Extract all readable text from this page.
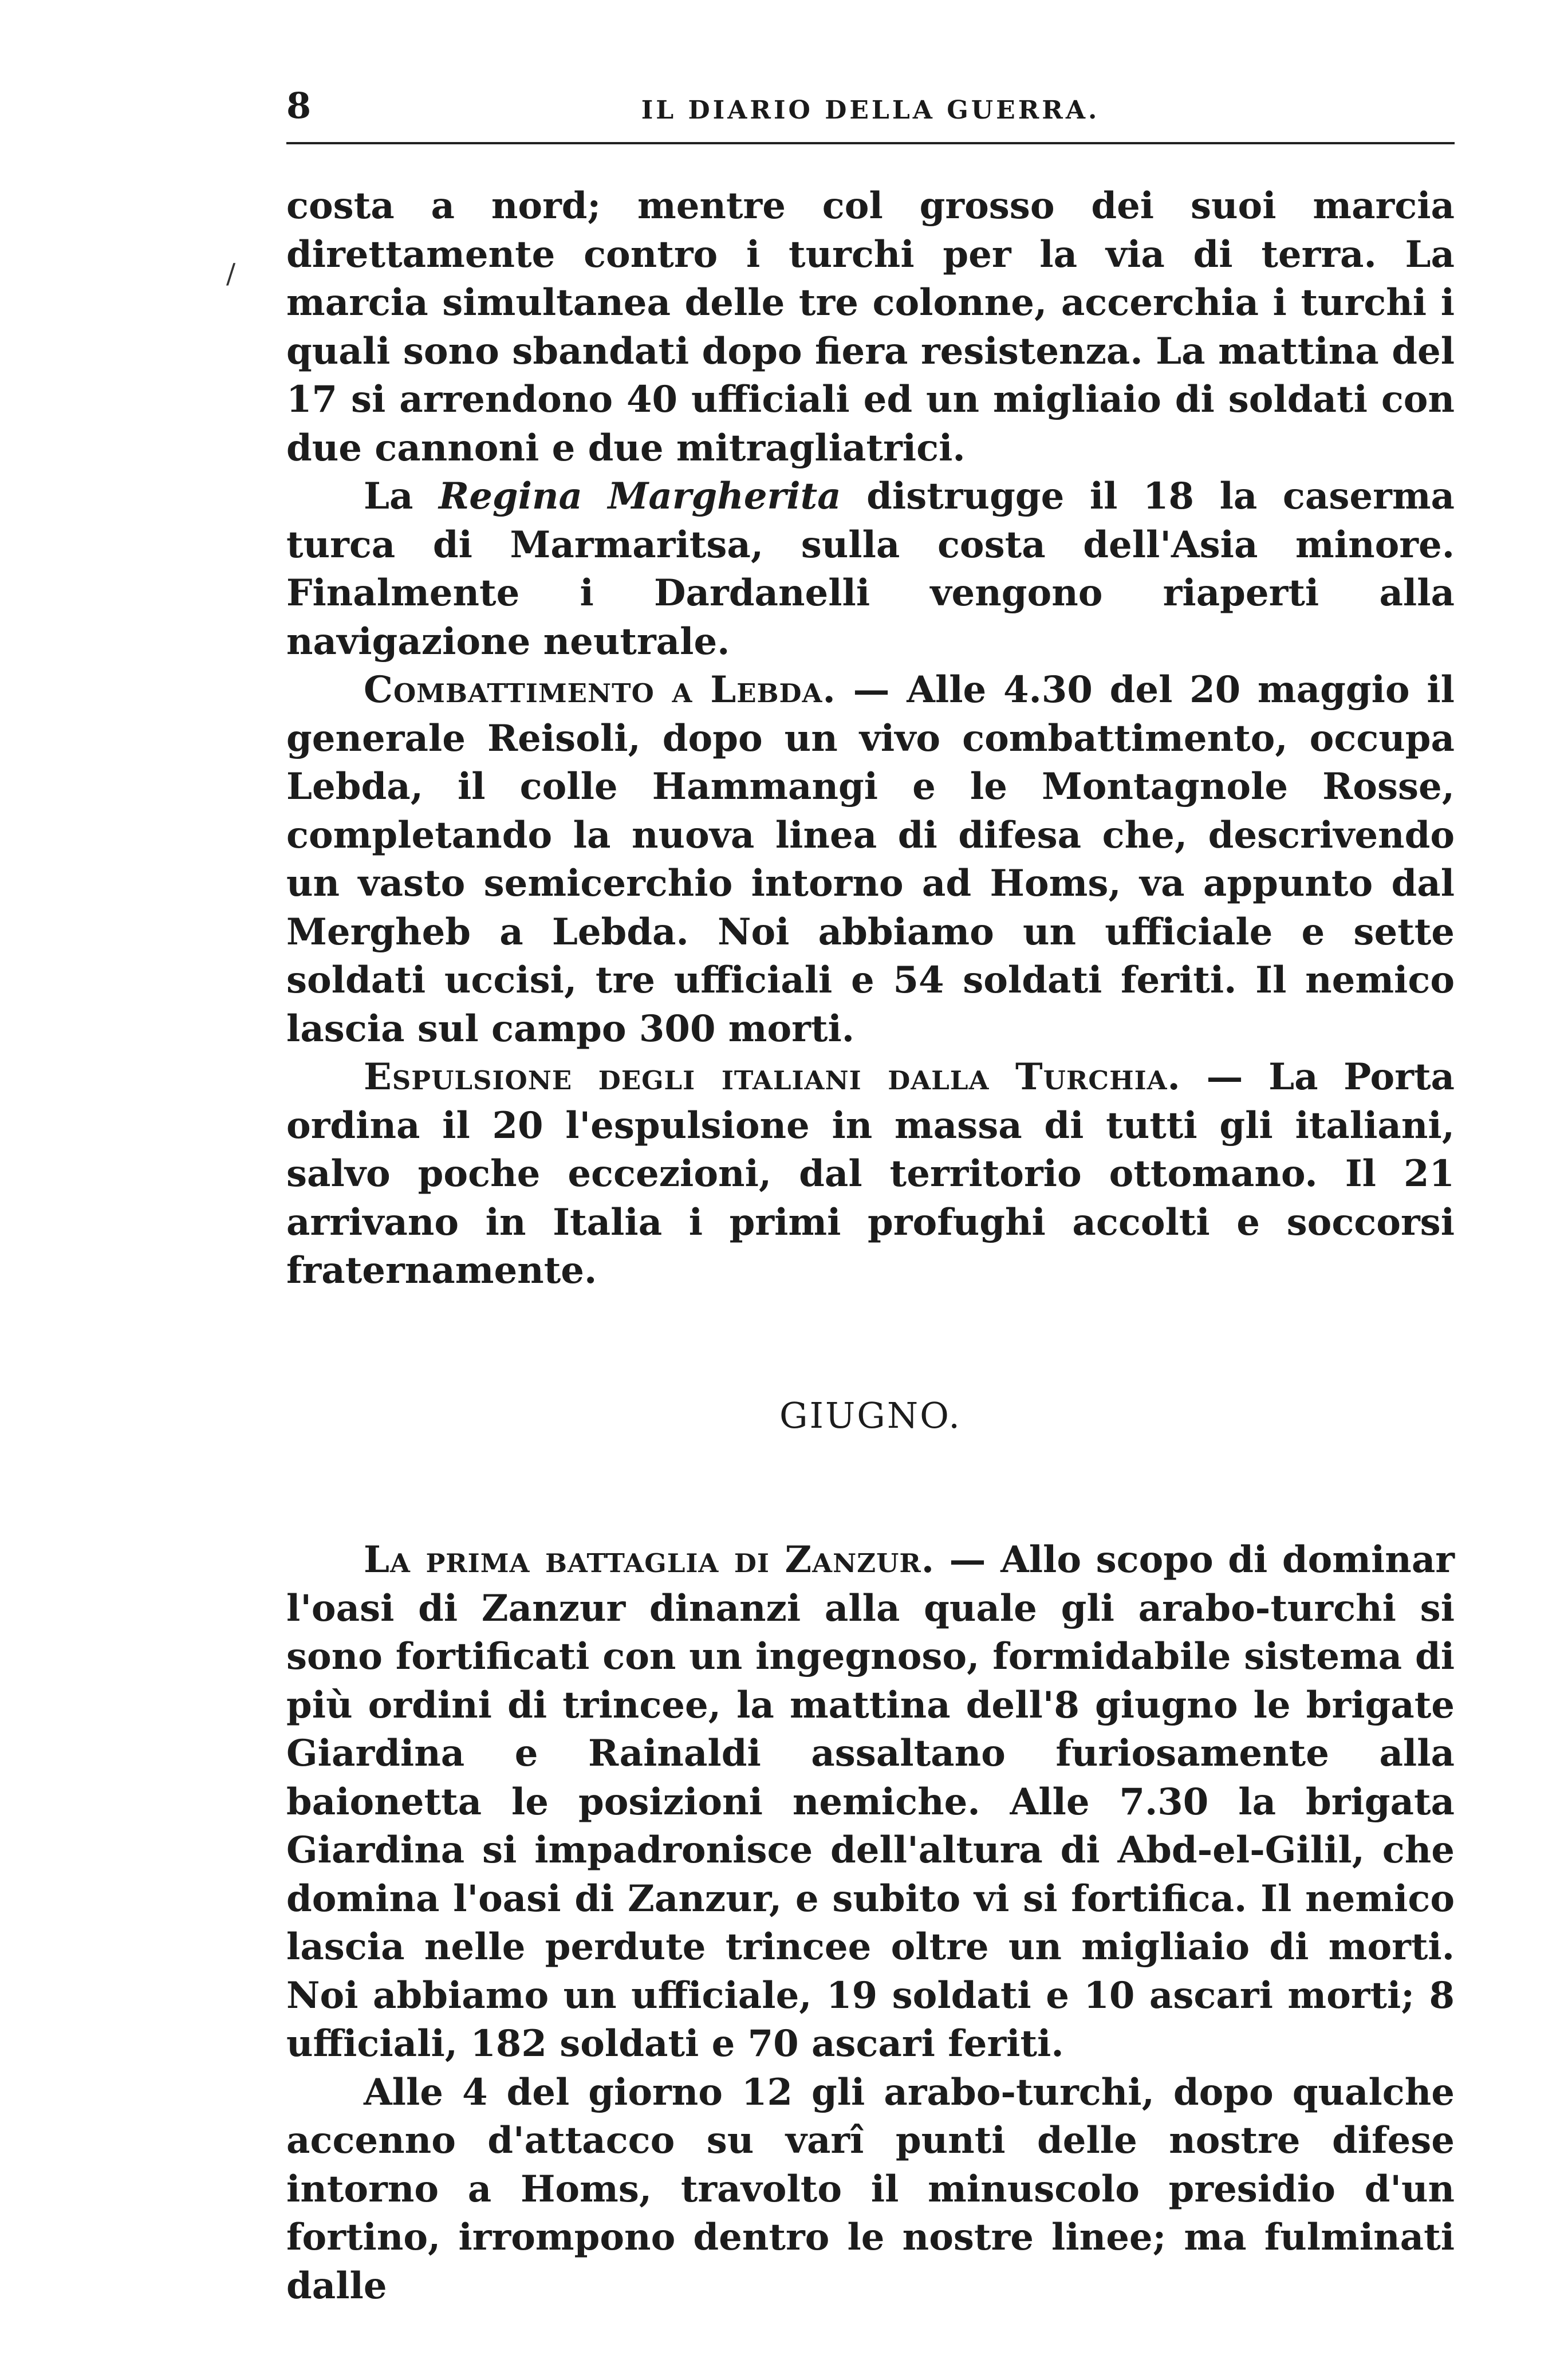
8	IL DIARIO DELLA GUERRA.
/

costa a nord; mentre col grosso dei suoi marcia direttamente contro i turchi per la via di terra. La marcia simultanea delle tre colonne, accerchia i turchi i quali sono sbandati dopo fiera resistenza. La mattina del 17 si arrendono 40 ufficiali ed un migliaio di soldati con due cannoni e due mitragliatrici.

La Regina Margherita distrugge il 18 la caserma turca di Marmaritsa, sulla costa dell'Asia minore. Finalmente i Dardanelli vengono riaperti alla navigazione neutrale.

Combattimento a Lebda. — Alle 4.30 del 20 maggio il generale Reisoli, dopo un vivo combattimento, occupa Lebda, il colle Hammangi e le Montagnole Rosse, completando la nuova linea di difesa che, descrivendo un vasto semicerchio intorno ad Homs, va appunto dal Mergheb a Lebda. Noi abbiamo un ufficiale e sette soldati uccisi, tre ufficiali e 54 soldati feriti. Il nemico lascia sul campo 300 morti.

Espulsione degli italiani dalla Turchia. — La Porta ordina il 20 l'espulsione in massa di tutti gli italiani, salvo poche eccezioni, dal territorio ottomano. Il 21 arrivano in Italia i primi profughi accolti e soccorsi fraternamente.

GIUGNO.

La prima battaglia di Zanzur. — Allo scopo di dominar l'oasi di Zanzur dinanzi alla quale gli arabo-turchi si sono fortificati con un ingegnoso, formidabile sistema di più ordini di trincee, la mattina dell'8 giugno le brigate Giardina e Rainaldi assaltano furiosamente alla baionetta le posizioni nemiche. Alle 7.30 la brigata Giardina si impadronisce dell'altura di Abd-el-Gilil, che domina l'oasi di Zanzur, e subito vi si fortifica. Il nemico lascia nelle perdute trincee oltre un migliaio di morti. Noi abbiamo un ufficiale, 19 soldati e 10 ascari morti; 8 ufficiali, 182 soldati e 70 ascari feriti.

Alle 4 del giorno 12 gli arabo-turchi, dopo qualche accenno d'attacco su varî punti delle nostre difese intorno a Homs, travolto il minuscolo presidio d'un fortino, irrompono dentro le nostre linee; ma fulminati dalle
